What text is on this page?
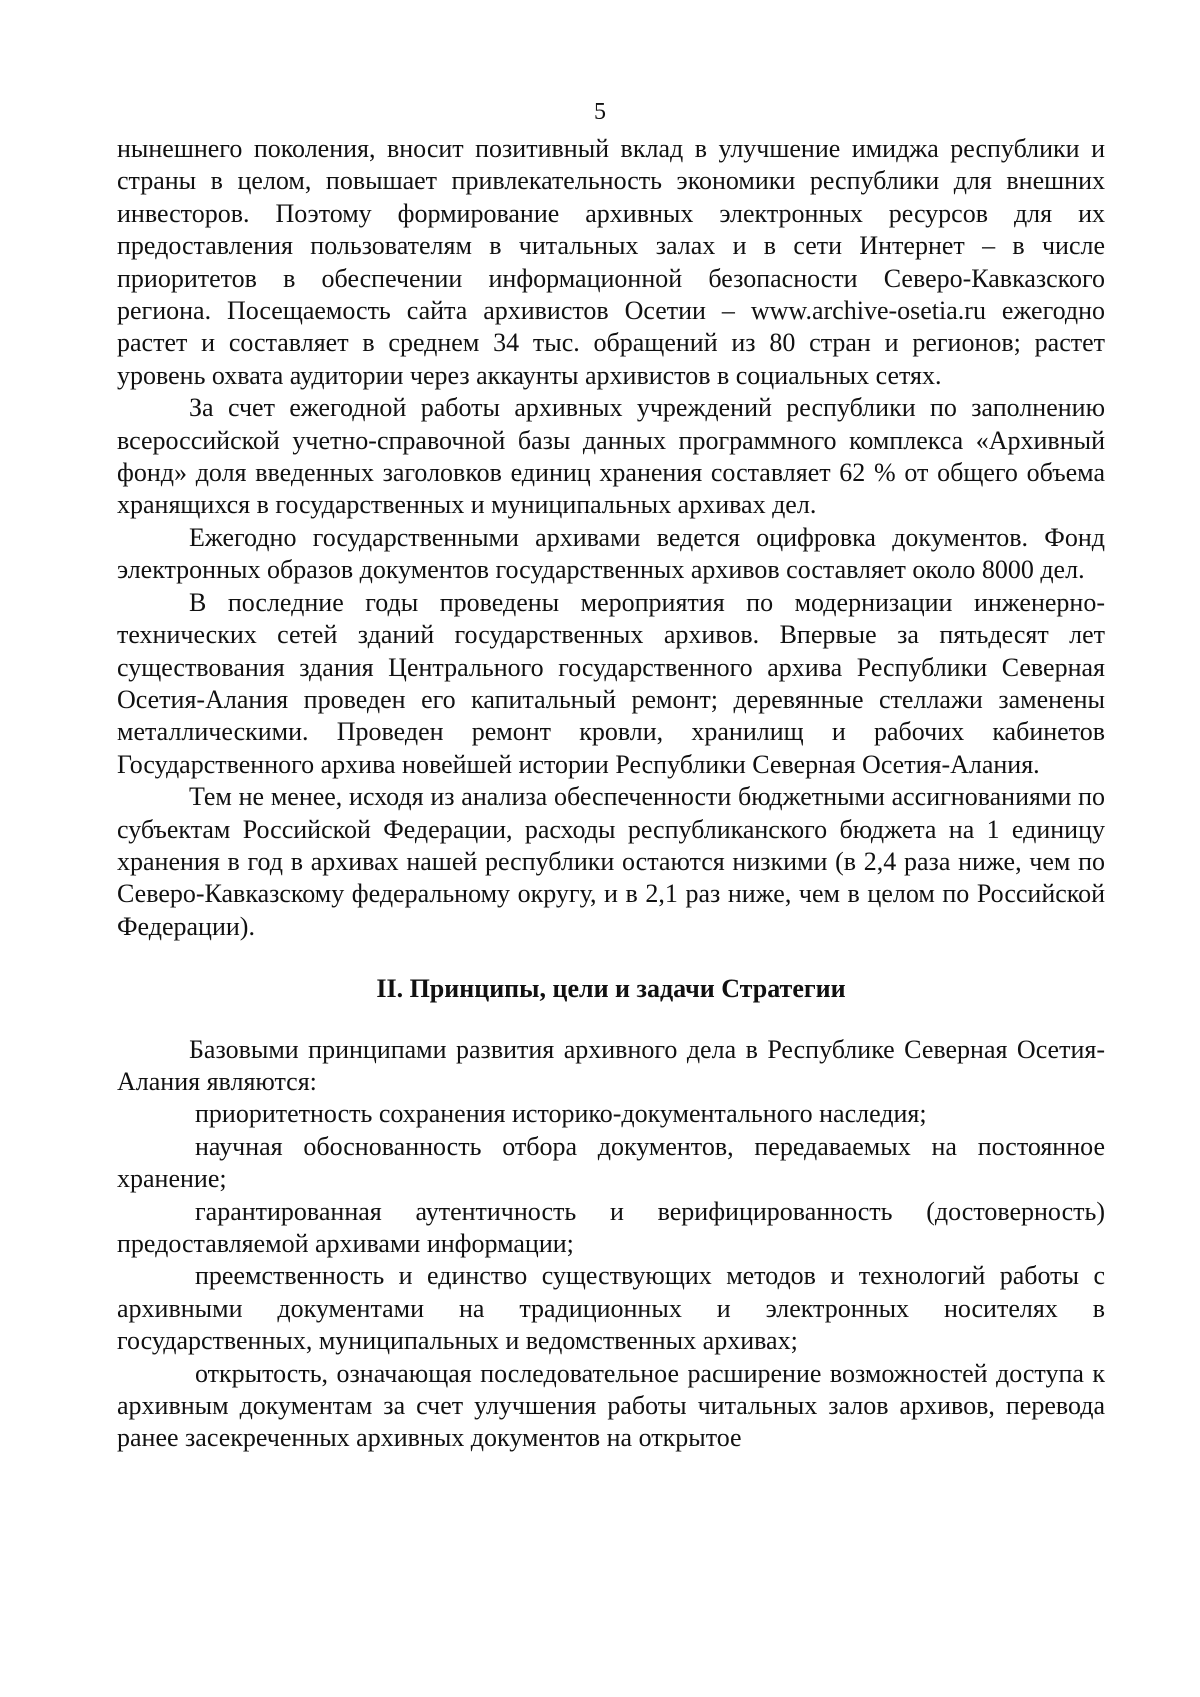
5

нынешнего поколения, вносит позитивный вклад в улучшение имиджа республики и страны в целом, повышает привлекательность экономики республики для внешних инвесторов. Поэтому формирование архивных электронных ресурсов для их предоставления пользователям в читальных залах и в сети Интернет – в числе приоритетов в обеспечении информационной безопасности Северо-Кавказского региона. Посещаемость сайта архивистов Осетии – www.archive-osetia.ru ежегодно растет и составляет в среднем 34 тыс. обращений из 80 стран и регионов; растет уровень охвата аудитории через аккаунты архивистов в социальных сетях.

За счет ежегодной работы архивных учреждений республики по заполнению всероссийской учетно-справочной базы данных программного комплекса «Архивный фонд» доля введенных заголовков единиц хранения составляет 62 % от общего объема хранящихся в государственных и муниципальных архивах дел.

Ежегодно государственными архивами ведется оцифровка документов. Фонд электронных образов документов государственных архивов составляет около 8000 дел.

В последние годы проведены мероприятия по модернизации инженерно-технических сетей зданий государственных архивов. Впервые за пятьдесят лет существования здания Центрального государственного архива Республики Северная Осетия-Алания проведен его капитальный ремонт; деревянные стеллажи заменены металлическими. Проведен ремонт кровли, хранилищ и рабочих кабинетов Государственного архива новейшей истории Республики Северная Осетия-Алания.

Тем не менее, исходя из анализа обеспеченности бюджетными ассигнованиями по субъектам Российской Федерации, расходы республиканского бюджета на 1 единицу хранения в год в архивах нашей республики остаются низкими (в 2,4 раза ниже, чем по Северо-Кавказскому федеральному округу, и в 2,1 раз ниже, чем в целом по Российской Федерации).

II. Принципы, цели и задачи Стратегии

Базовыми принципами развития архивного дела в Республике Северная Осетия-Алания являются:

приоритетность сохранения историко-документального наследия;

научная обоснованность отбора документов, передаваемых на постоянное хранение;

гарантированная аутентичность и верифицированность (достоверность) предоставляемой архивами информации;

преемственность и единство существующих методов и технологий работы с архивными документами на традиционных и электронных носителях в государственных, муниципальных и ведомственных архивах;

открытость, означающая последовательное расширение возможностей доступа к архивным документам за счет улучшения работы читальных залов архивов, перевода ранее засекреченных архивных документов на открытое
